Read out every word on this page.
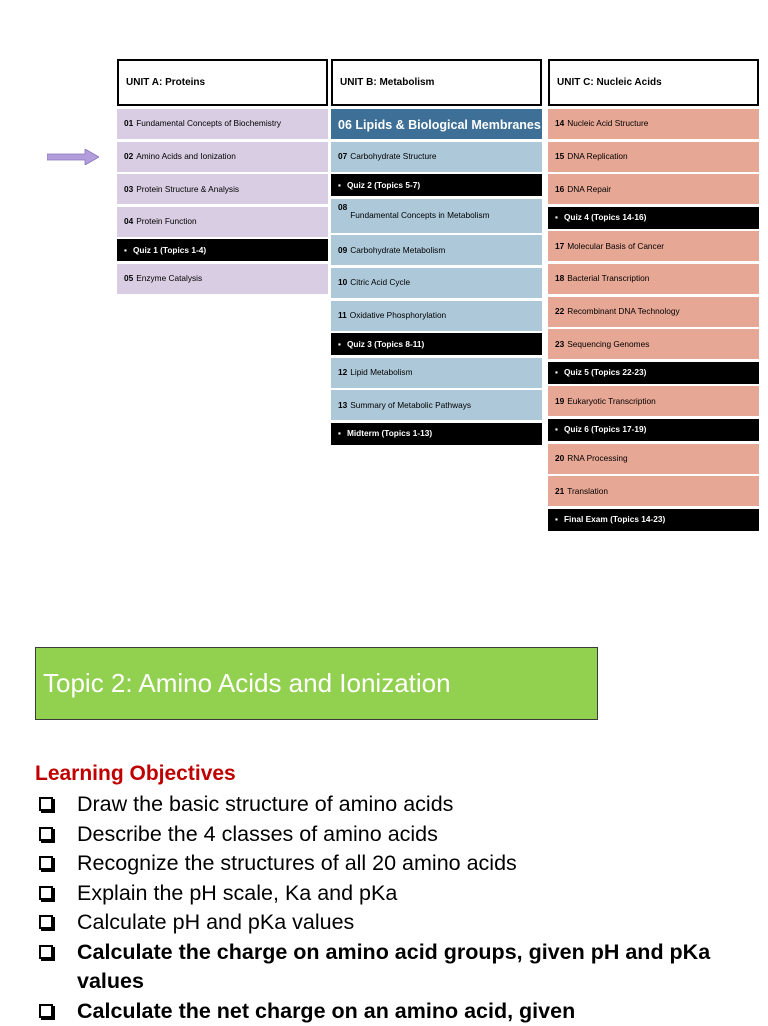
UNIT A: Proteins
01 Fundamental Concepts of Biochemistry
02 Amino Acids and Ionization
03 Protein Structure & Analysis
04 Protein Function
▪ Quiz 1 (Topics 1-4)
05 Enzyme Catalysis
UNIT B: Metabolism
06 Lipids & Biological Membranes
07 Carbohydrate Structure
▪ Quiz 2 (Topics 5-7)
08
Fundamental Concepts in Metabolism
09 Carbohydrate Metabolism
10 Citric Acid Cycle
11 Oxidative Phosphorylation
▪ Quiz 3 (Topics 8-11)
12 Lipid Metabolism
13 Summary of Metabolic Pathways
▪ Midterm (Topics 1-13)
UNIT C: Nucleic Acids
14 Nucleic Acid Structure
15 DNA Replication
16 DNA Repair
▪ Quiz 4 (Topics 14-16)
17 Molecular Basis of Cancer
18 Bacterial Transcription
22 Recombinant DNA Technology
23 Sequencing Genomes
▪ Quiz 5 (Topics 22-23)
19 Eukaryotic Transcription
▪ Quiz 6 (Topics 17-19)
20 RNA Processing
21 Translation
▪ Final Exam (Topics 14-23)
Topic 2: Amino Acids and Ionization
Learning Objectives
Draw the basic structure of amino acids
Describe the 4 classes of amino acids
Recognize the structures of all 20 amino acids
Explain the pH scale, Ka and pKa
Calculate pH and pKa values
Calculate the charge on amino acid groups, given pH and pKa values
Calculate the net charge on an amino acid, given
